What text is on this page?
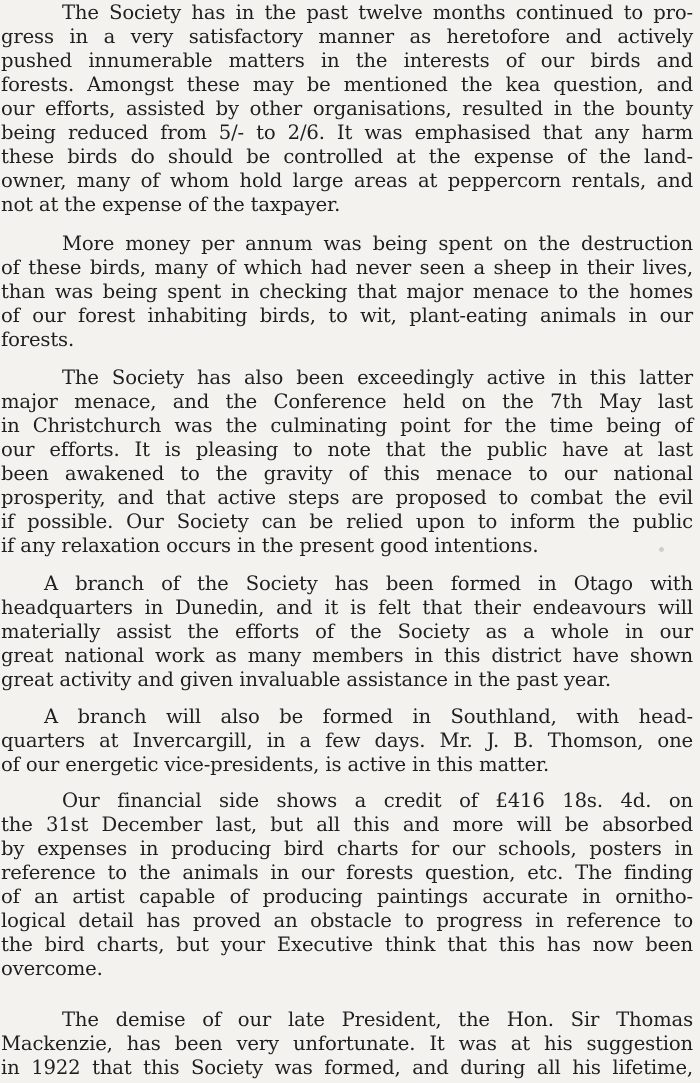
The Society has in the past twelve months continued to pro-
gress in a very satisfactory manner as heretofore and actively
pushed innumerable matters in the interests of our birds and
forests. Amongst these may be mentioned the kea question, and
our efforts, assisted by other organisations, resulted in the bounty
being reduced from 5/- to 2/6. It was emphasised that any harm
these birds do should be controlled at the expense of the land-
owner, many of whom hold large areas at peppercorn rentals, and
not at the expense of the taxpayer.
More money per annum was being spent on the destruction
of these birds, many of which had never seen a sheep in their lives,
than was being spent in checking that major menace to the homes
of our forest inhabiting birds, to wit, plant-eating animals in our
forests.
The Society has also been exceedingly active in this latter
major menace, and the Conference held on the 7th May last
in Christchurch was the culminating point for the time being of
our efforts. It is pleasing to note that the public have at last
been awakened to the gravity of this menace to our national
prosperity, and that active steps are proposed to combat the evil
if possible. Our Society can be relied upon to inform the public
if any relaxation occurs in the present good intentions.
A branch of the Society has been formed in Otago with
headquarters in Dunedin, and it is felt that their endeavours will
materially assist the efforts of the Society as a whole in our
great national work as many members in this district have shown
great activity and given invaluable assistance in the past year.
A branch will also be formed in Southland, with head-
quarters at Invercargill, in a few days. Mr. J. B. Thomson, one
of our energetic vice-presidents, is active in this matter.
Our financial side shows a credit of £416 18s. 4d. on
the 31st December last, but all this and more will be absorbed
by expenses in producing bird charts for our schools, posters in
reference to the animals in our forests question, etc. The finding
of an artist capable of producing paintings accurate in ornitho-
logical detail has proved an obstacle to progress in reference to
the bird charts, but your Executive think that this has now been
overcome.
The demise of our late President, the Hon. Sir Thomas
Mackenzie, has been very unfortunate. It was at his suggestion
in 1922 that this Society was formed, and during all his lifetime,
